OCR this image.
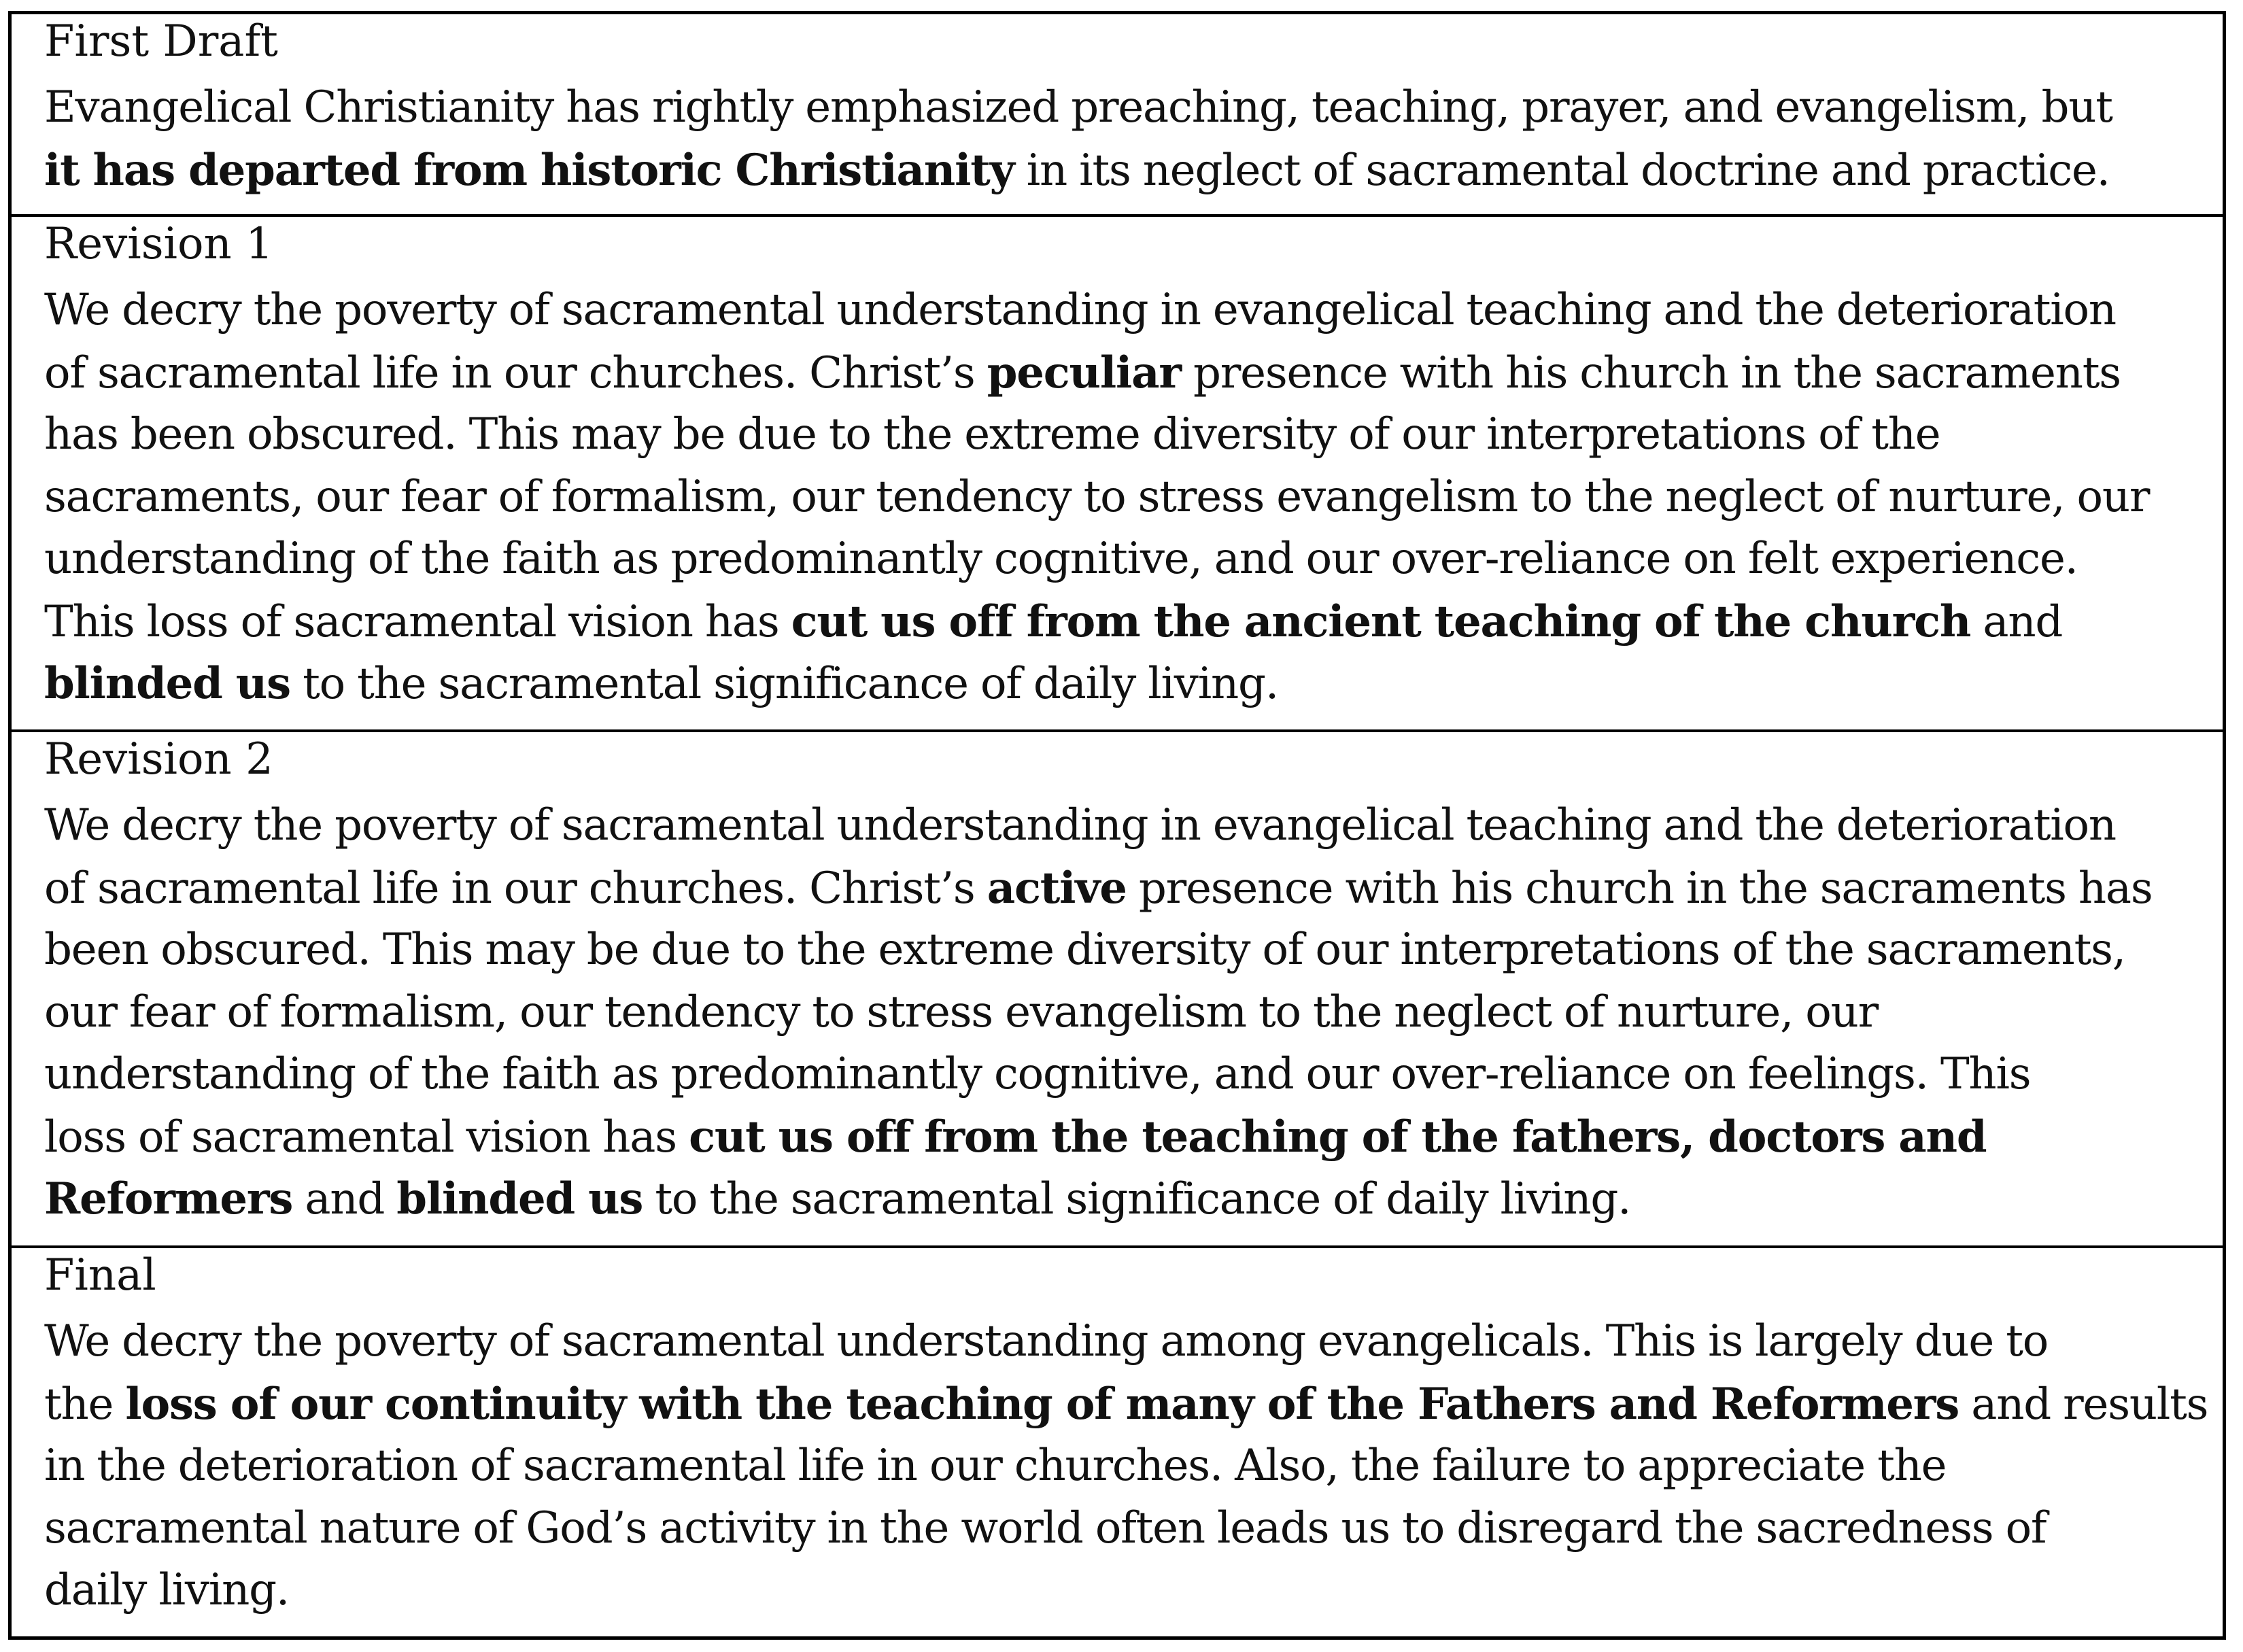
First Draft
Evangelical Christianity has rightly emphasized preaching, teaching, prayer, and evangelism, but
it has departed from historic Christianity in its neglect of sacramental doctrine and practice.
Revision 1
We decry the poverty of sacramental understanding in evangelical teaching and the deterioration
of sacramental life in our churches. Christ’s peculiar presence with his church in the sacraments
has been obscured. This may be due to the extreme diversity of our interpretations of the
sacraments, our fear of formalism, our tendency to stress evangelism to the neglect of nurture, our
understanding of the faith as predominantly cognitive, and our over-reliance on felt experience.
This loss of sacramental vision has cut us off from the ancient teaching of the church and
blinded us to the sacramental significance of daily living.
Revision 2
We decry the poverty of sacramental understanding in evangelical teaching and the deterioration
of sacramental life in our churches. Christ’s active presence with his church in the sacraments has
been obscured. This may be due to the extreme diversity of our interpretations of the sacraments,
our fear of formalism, our tendency to stress evangelism to the neglect of nurture, our
understanding of the faith as predominantly cognitive, and our over-reliance on feelings. This
loss of sacramental vision has cut us off from the teaching of the fathers, doctors and
Reformers and blinded us to the sacramental significance of daily living.
Final
We decry the poverty of sacramental understanding among evangelicals. This is largely due to
the loss of our continuity with the teaching of many of the Fathers and Reformers and results
in the deterioration of sacramental life in our churches. Also, the failure to appreciate the
sacramental nature of God’s activity in the world often leads us to disregard the sacredness of
daily living.
